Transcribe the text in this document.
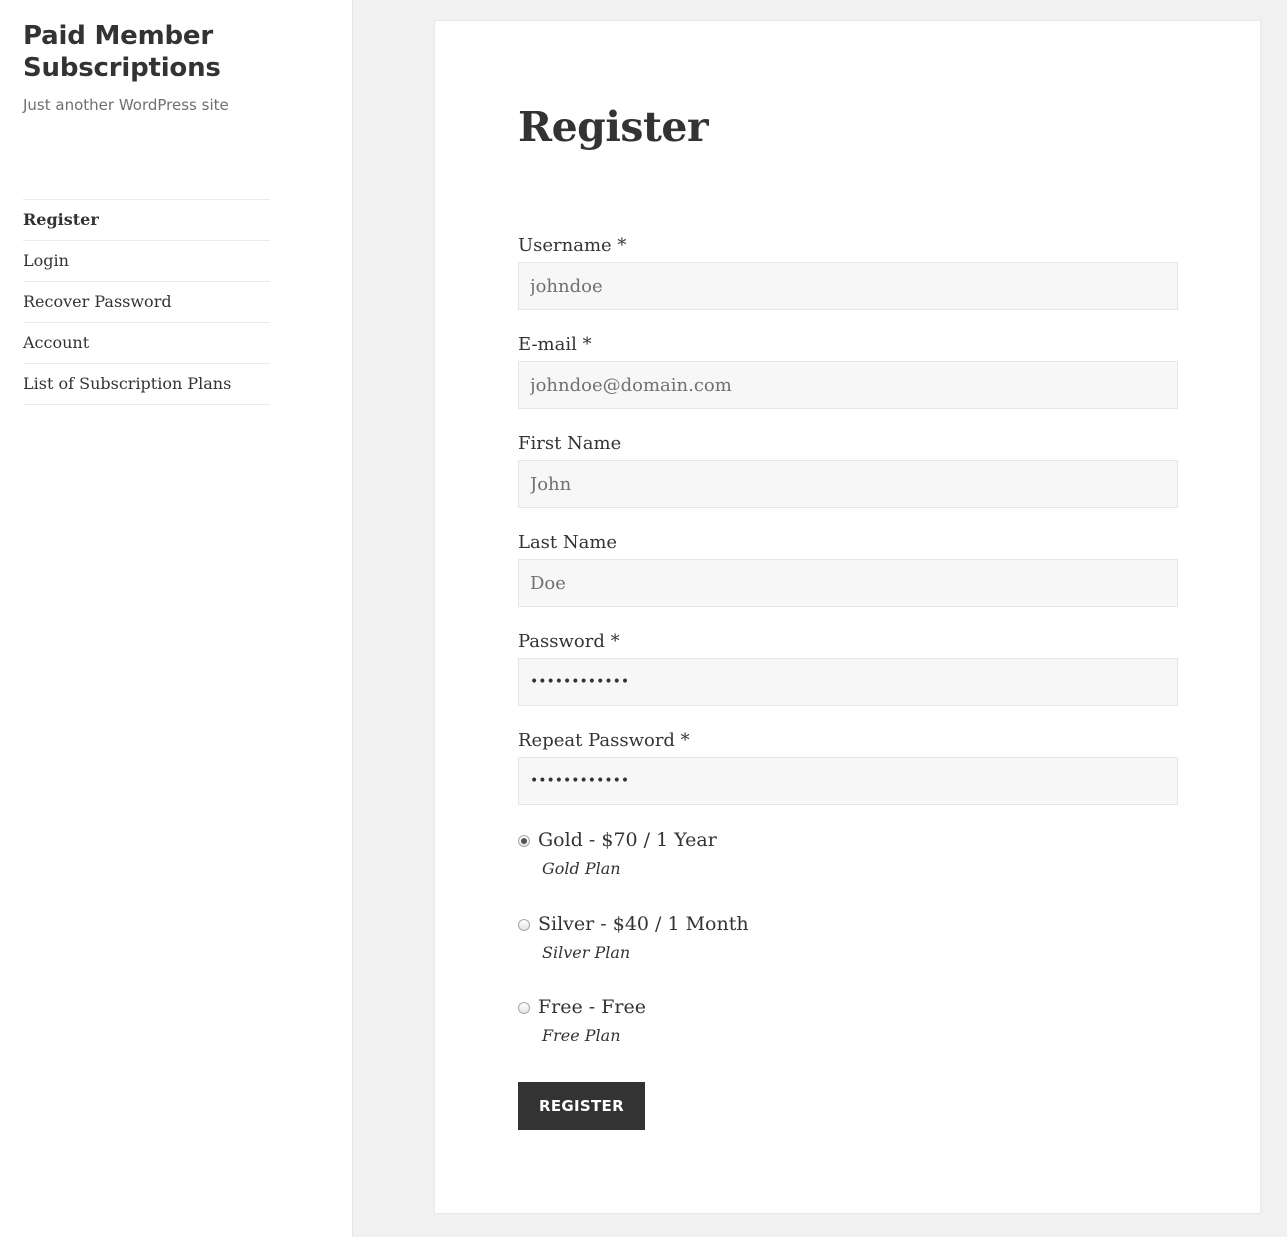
Paid Member Subscriptions

Just another WordPress site

Register
Login
Recover Password
Account
List of Subscription Plans
Register
Username *
johndoe
E-mail *
johndoe@domain.com
First Name
John
Last Name
Doe
Password *
••••••••••••
Repeat Password *
••••••••••••
Gold - $70 / 1 Year
Gold Plan
Silver - $40 / 1 Month
Silver Plan
Free - Free
Free Plan
REGISTER
